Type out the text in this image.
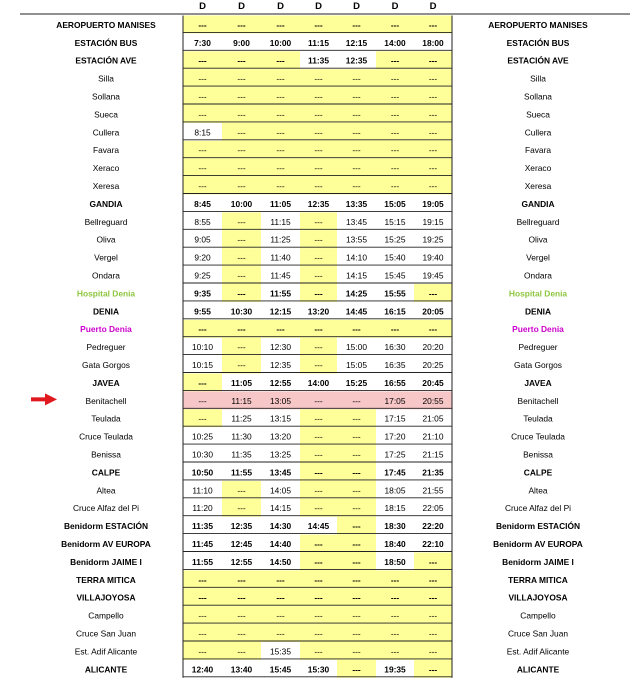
D	D	D	D	D	D	D
AEROPUERTO MANISES	AEROPUERTO MANISES
---	---	---	---	---	---	---
ESTACIÓN BUS	ESTACIÓN BUS
7:30	9:00 10:00 11:15 12:15 14:00 18:00
ESTACIÓN AVE	ESTACIÓN AVE
---	---	---	11:35 12:35	---	---
Silla	Silla
---	---	---	---	---	---	---
Sollana	Sollana
---	---	---	---	---	---	---
Sueca	Sueca
---	---	---	---	---	---	---
Cullera	Cullera
8:15	---	---	---	---	---	---
Favara	Favara
---	---	---	---	---	---	---
Xeraco	Xeraco
---	---	---	---	---	---	---
Xeresa	Xeresa
---	---	---	---	---	---	---
GANDIA	GANDIA
8:45 10:00 11:05 12:35 13:35 15:05 19:05
Bellreguard	Bellreguard
8:55	---	11:15	---	13:45 15:15 19:15
Oliva	Oliva
9:05	---	11:25	---	13:55 15:25 19:25
Vergel	Vergel
9:20	---	11:40	---	14:10 15:40 19:40
Ondara	Ondara
9:25	---	11:45	---	14:15 15:45 19:45
Hospital Denia	Hospital Denia
9:35	---	11:55	---	14:25 15:55	---
DENIA	DENIA
9:55 10:30 12:15 13:20 14:45 16:15 20:05
Puerto Denia	Puerto Denia
---	---	---	---	---	---	---
Pedreguer	Pedreguer
10:10	---	12:30	---	15:00 16:30 20:20
Gata Gorgos	Gata Gorgos
10:15	---	12:35	---	15:05 16:35 20:25
JAVEA	JAVEA
---	11:05 12:55 14:00 15:25 16:55 20:45
Benitachell	Benitachell
---	11:15 13:05	---	---	17:05 20:55
Teulada	Teulada
---	11:25 13:15	---	---	17:15 21:05
Cruce Teulada	Cruce Teulada
10:25 11:30 13:20	---	---	17:20 21:10
Benissa	Benissa
10:30 11:35 13:25	---	---	17:25 21:15
CALPE	CALPE
10:50 11:55 13:45	---	---	17:45 21:35
Altea	Altea
11:10	---	14:05	---	---	18:05 21:55
Cruce Alfaz del Pi	Cruce Alfaz del Pi
11:20	---	14:15	---	---	18:15 22:05
Benidorm ESTACIÓN	Benidorm ESTACIÓN
11:35 12:35 14:30 14:45	---	18:30 22:20
Benidorm AV EUROPA	Benidorm AV EUROPA
11:45 12:45 14:40	---	---	18:40 22:10
Benidorm JAIME I	Benidorm JAIME I
11:55 12:55 14:50	---	---	18:50	---
TERRA MITICA	TERRA MITICA
---	---	---	---	---	---	---
VILLAJOYOSA	VILLAJOYOSA
---	---	---	---	---	---	---
Campello	Campello
---	---	---	---	---	---	---
Cruce San Juan	Cruce San Juan
---	---	---	---	---	---	---
Est. Adif Alicante	Est. Adif Alicante
---	---	15:35	---	---	---	---
ALICANTE	ALICANTE
12:40 13:40 15:45 15:30	---	19:35	---
